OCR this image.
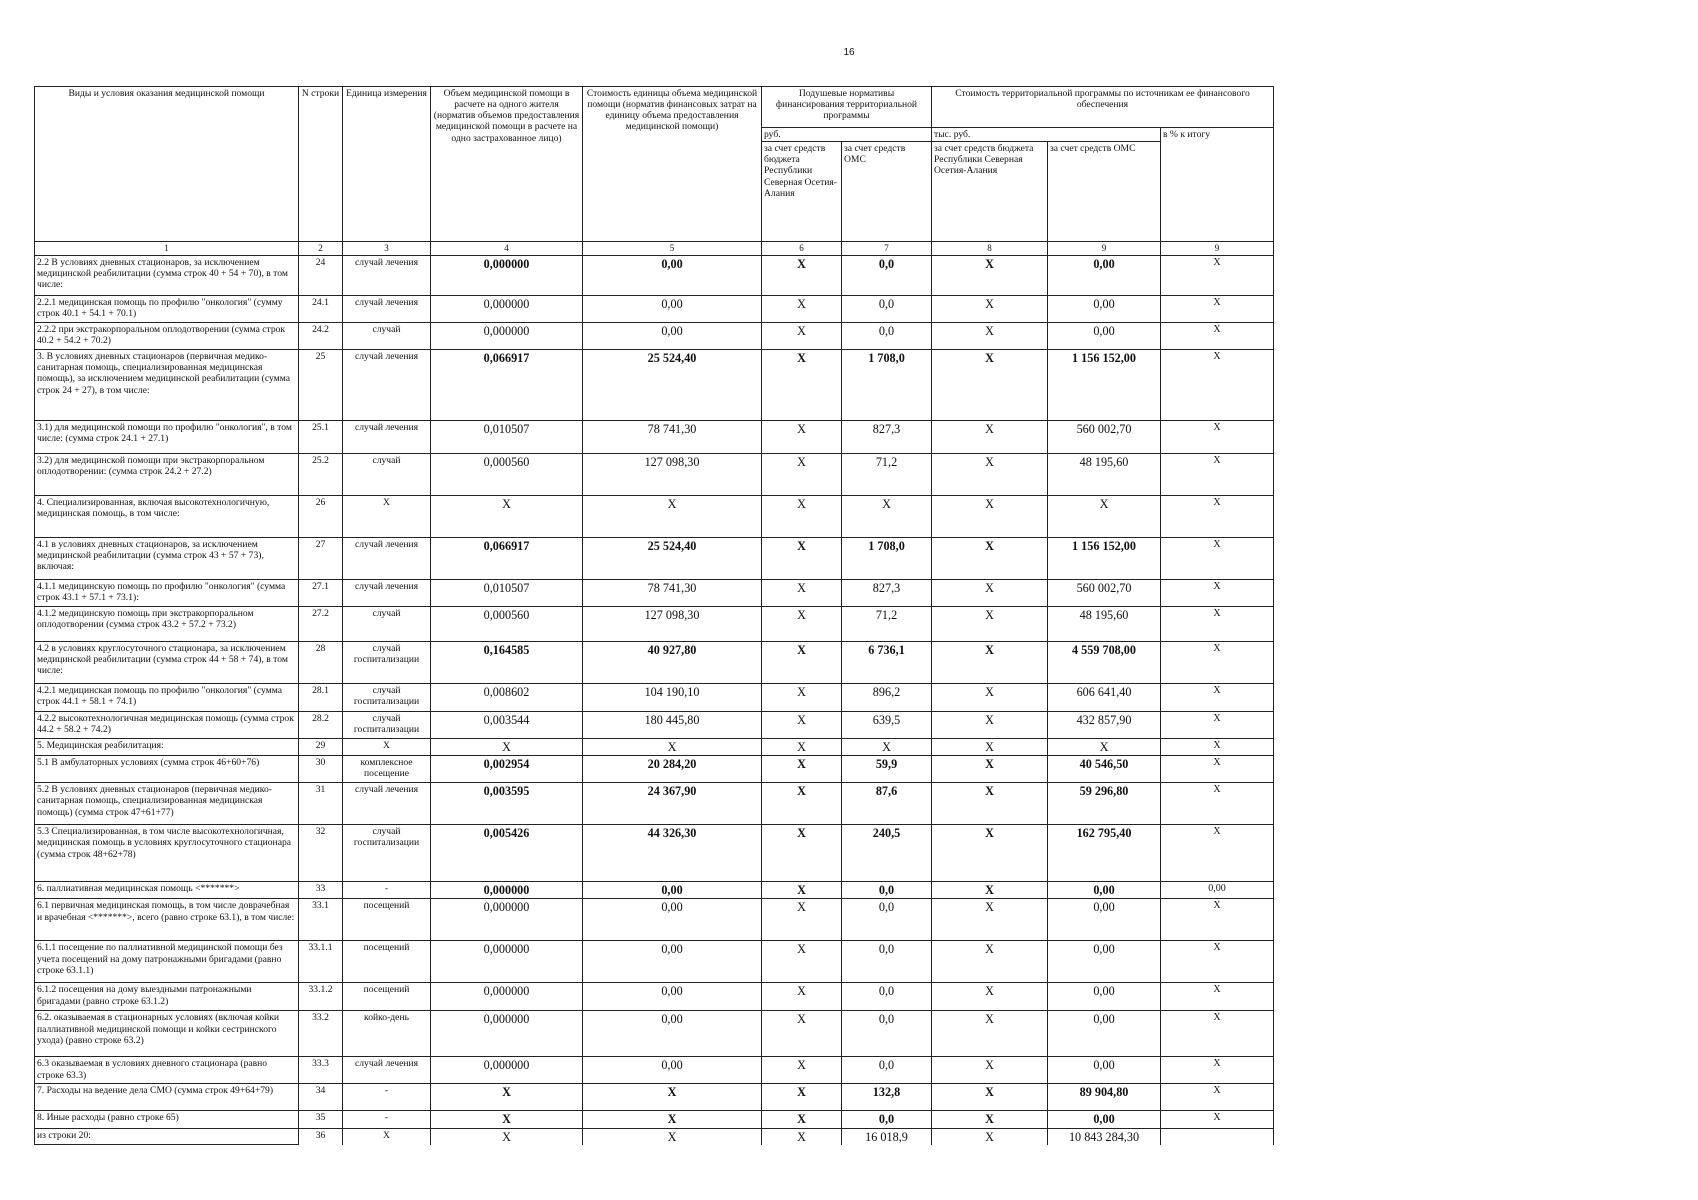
16
Виды и условия оказания медицинской помощи	N строки	Единица измерения	Объем медицинской помощи в расчете на одного жителя (норматив объемов предоставления медицинской помощи в расчете на одно застрахованное лицо)	Стоимость единицы объема медицинской помощи (норматив финансовых затрат на единицу объема предоставления медицинской помощи)	Подушевые нормативы финансирования территориальной программы		Стоимость территориальной программы по источникам ее финансового обеспечения		
					руб.		тыс. руб.		в % к итогу
					за счет средств бюджета Республики Северная Осетия-Алания	за счет средств ОМС	за счет средств бюджета Республики Северная Осетия-Алания	за счет средств ОМС	
1	2	3	4	5	6	7	8	9	9
2.2 В условиях дневных стационаров, за исключением медицинской реабилитации (сумма строк 40 + 54 + 70), в том числе:	24	случай лечения	0,000000	0,00	Х	0,0	Х	0,00	Х
2.2.1 медицинская помощь по профилю "онкология" (сумму строк 40.1 + 54.1 + 70.1)	24.1	случай лечения	0,000000	0,00	Х	0,0	Х	0,00	Х
2.2.2 при экстракорпоральном оплодотворении (сумма строк 40.2 + 54.2 + 70.2)	24.2	случай	0,000000	0,00	Х	0,0	Х	0,00	Х
3. В условиях дневных стационаров (первичная медико-санитарная помощь, специализированная медицинская помощь), за исключением медицинской реабилитации (сумма строк 24 + 27), в том числе:	25	случай лечения	0,066917	25 524,40	Х	1 708,0	Х	1 156 152,00	Х
3.1) для медицинской помощи по профилю "онкология", в том числе: (сумма строк 24.1 + 27.1)	25.1	случай лечения	0,010507	78 741,30	Х	827,3	Х	560 002,70	Х
3.2) для медицинской помощи при экстракорпоральном оплодотворении: (сумма строк 24.2 + 27.2)	25.2	случай	0,000560	127 098,30	Х	71,2	Х	48 195,60	Х
4. Специализированная, включая высокотехнологичную, медицинская помощь, в том числе:	26	Х	Х	Х	Х	Х	Х	Х	Х
4.1 в условиях дневных стационаров, за исключением медицинской реабилитации (сумма строк 43 + 57 + 73), включая:	27	случай лечения	0,066917	25 524,40	Х	1 708,0	Х	1 156 152,00	Х
4.1.1 медицинскую помощь по профилю "онкология" (сумма строк 43.1 + 57.1 + 73.1):	27.1	случай лечения	0,010507	78 741,30	Х	827,3	Х	560 002,70	Х
4.1.2 медицинскую помощь при экстракорпоральном оплодотворении (сумма строк 43.2 + 57.2 + 73.2)	27.2	случай	0,000560	127 098,30	Х	71,2	Х	48 195,60	Х
4.2 в условиях круглосуточного стационара, за исключением медицинской реабилитации (сумма строк 44 + 58 + 74), в том числе:	28	случай госпитализации	0,164585	40 927,80	Х	6 736,1	Х	4 559 708,00	Х
4.2.1 медицинская помощь по профилю "онкология" (сумма строк 44.1 + 58.1 + 74.1)	28.1	случай госпитализации	0,008602	104 190,10	Х	896,2	Х	606 641,40	Х
4.2.2 высокотехнологичная медицинская помощь (сумма строк 44.2 + 58.2 + 74.2)	28.2	случай госпитализации	0,003544	180 445,80	Х	639,5	Х	432 857,90	Х
5. Медицинская реабилитация:	29	Х	Х	Х	Х	Х	Х	Х	Х
5.1 В амбулаторных условиях (сумма строк 46+60+76)	30	комплексное посещение	0,002954	20 284,20	Х	59,9	Х	40 546,50	Х
5.2 В условиях дневных стационаров (первичная медико-санитарная помощь, специализированная медицинская помощь) (сумма строк 47+61+77)	31	случай лечения	0,003595	24 367,90	Х	87,6	Х	59 296,80	Х
5.3 Специализированная, в том числе высокотехнологичная, медицинская помощь в условиях круглосуточного стационара (сумма строк 48+62+78)	32	случай госпитализации	0,005426	44 326,30	Х	240,5	Х	162 795,40	Х
6. паллиативная медицинская помощь <*******>	33	-	0,000000	0,00	Х	0,0	Х	0,00	0,00
6.1 первичная медицинская помощь, в том числе доврачебная и врачебная <*******>, всего (равно строке 63.1), в том числе:	33.1	посещений	0,000000	0,00	Х	0,0	Х	0,00	Х
6.1.1 посещение по паллиативной медицинской помощи без учета посещений на дому патронажными бригадами (равно строке 63.1.1)	33.1.1	посещений	0,000000	0,00	Х	0,0	Х	0,00	Х
6.1.2 посещения на дому выездными патронажными бригадами (равно строке 63.1.2)	33.1.2	посещений	0,000000	0,00	Х	0,0	Х	0,00	Х
6.2. оказываемая в стационарных условиях (включая койки паллиативной медицинской помощи и койки сестринского ухода) (равно строке 63.2)	33.2	койко-день	0,000000	0,00	Х	0,0	Х	0,00	Х
6.3 оказываемая в условиях дневного стационара (равно строке 63.3)	33.3	случай лечения	0,000000	0,00	Х	0,0	Х	0,00	Х
7. Расходы на ведение дела СМО (сумма строк 49+64+79)	34	-	Х	Х	Х	132,8	Х	89 904,80	Х
8. Иные расходы (равно строке 65)	35	-	Х	Х	Х	0,0	Х	0,00	Х
из строки 20:	36	Х	Х	Х	Х	16 018,9	Х	10 843 284,30	
